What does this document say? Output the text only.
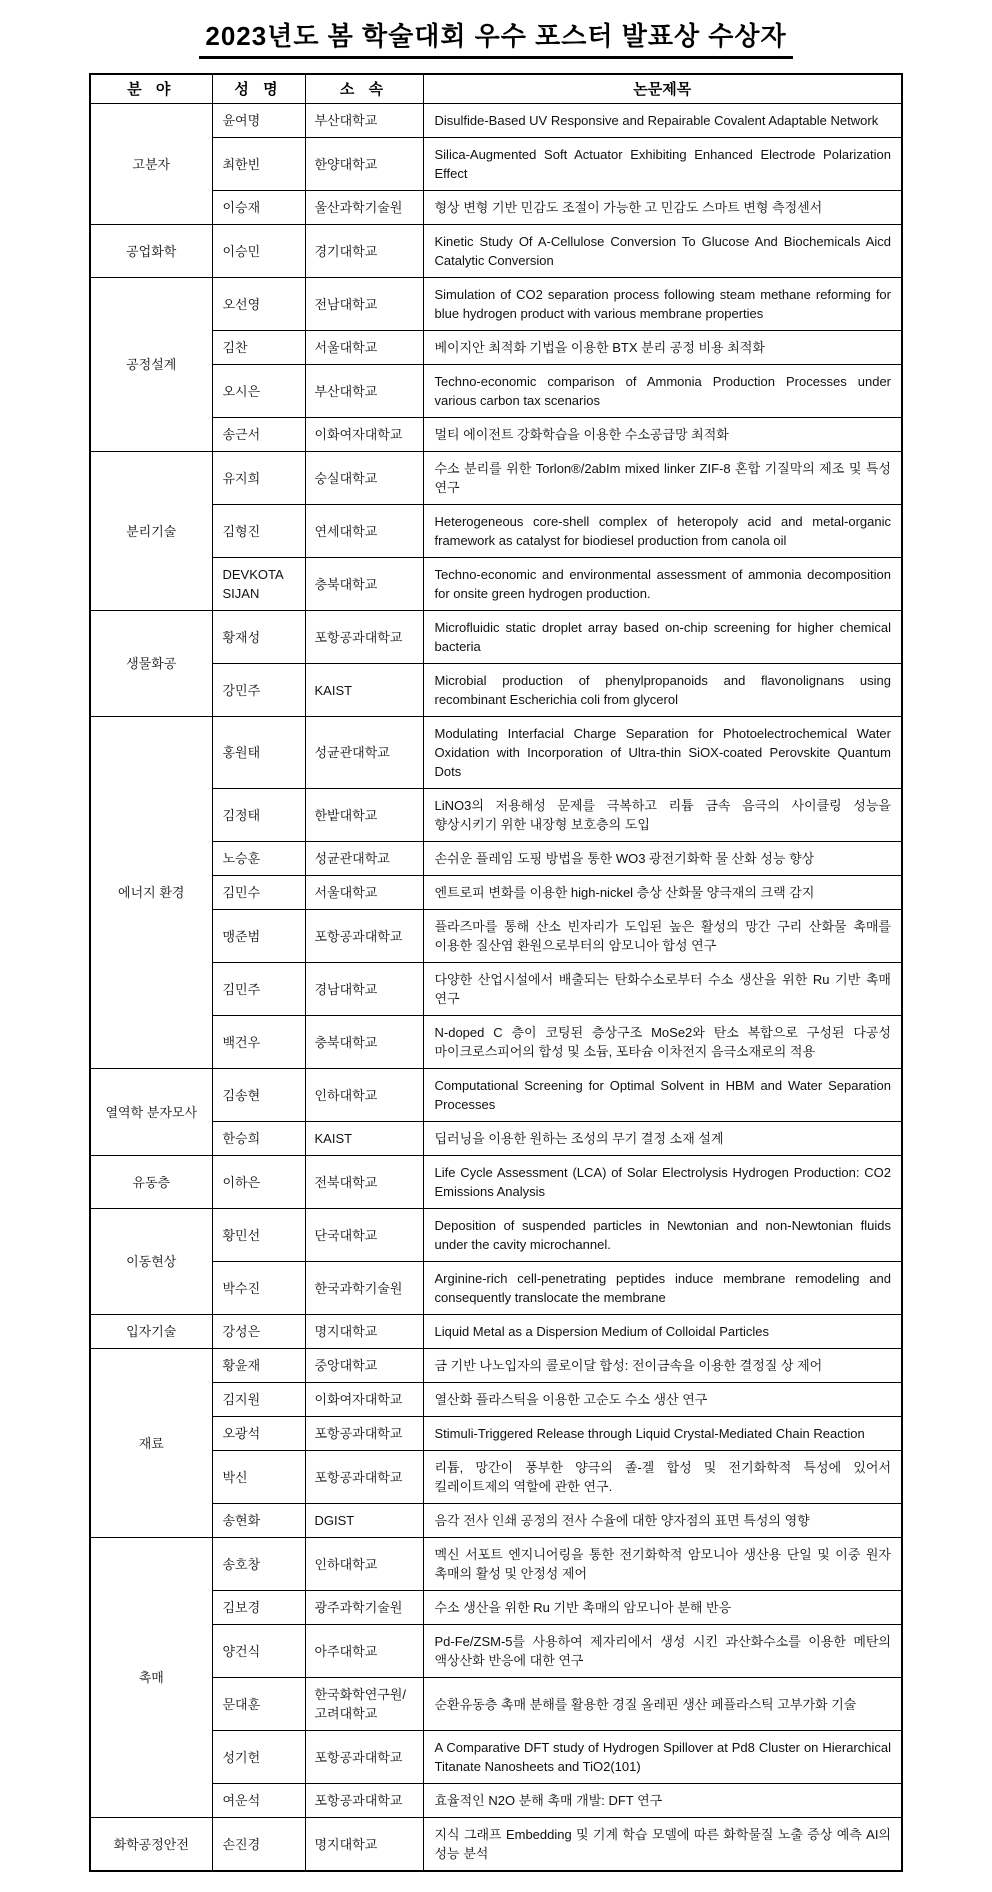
2023년도 봄 학술대회 우수 포스터 발표상 수상자
분 야	성 명	소 속	논문제목
고분자	윤여명	부산대학교	Disulfide-Based UV Responsive and Repairable Covalent Adaptable Network
	최한빈	한양대학교	Silica-Augmented Soft Actuator Exhibiting Enhanced Electrode Polarization Effect
	이승재	울산과학기술원	형상 변형 기반 민감도 조절이 가능한 고 민감도 스마트 변형 측정센서
공업화학	이승민	경기대학교	Kinetic Study Of A-Cellulose Conversion To Glucose And Biochemicals Aicd Catalytic Conversion
공정설계	오선영	전남대학교	Simulation of CO2 separation process following steam methane reforming for blue hydrogen product with various membrane properties
	김찬	서울대학교	베이지안 최적화 기법을 이용한 BTX 분리 공정 비용 최적화
	오시은	부산대학교	Techno-economic comparison of Ammonia Production Processes under various carbon tax scenarios
	송근서	이화여자대학교	멀티 에이전트 강화학습을 이용한 수소공급망 최적화
분리기술	유지희	숭실대학교	수소 분리를 위한 Torlon®/2abIm mixed linker ZIF-8 혼합 기질막의 제조 및 특성 연구
	김형진	연세대학교	Heterogeneous core-shell complex of heteropoly acid and metal-organic framework as catalyst for biodiesel production from canola oil
	DEVKOTA SIJAN	충북대학교	Techno-economic and environmental assessment of ammonia decomposition for onsite green hydrogen production.
생물화공	황재성	포항공과대학교	Microfluidic static droplet array based on-chip screening for higher chemical bacteria
	강민주	KAIST	Microbial production of phenylpropanoids and flavonolignans using recombinant Escherichia coli from glycerol
에너지 환경	홍원태	성균관대학교	Modulating Interfacial Charge Separation for Photoelectrochemical Water Oxidation with Incorporation of Ultra-thin SiOX-coated Perovskite Quantum Dots
	김정태	한밭대학교	LiNO3의 저용해성 문제를 극복하고 리튬 금속 음극의 사이클링 성능을 향상시키기 위한 내장형 보호층의 도입
	노승훈	성균관대학교	손쉬운 플레임 도핑 방법을 통한 WO3 광전기화학 물 산화 성능 향상
	김민수	서울대학교	엔트로피 변화를 이용한 high-nickel 층상 산화물 양극재의 크랙 감지
	맹준범	포항공과대학교	플라즈마를 통해 산소 빈자리가 도입된 높은 활성의 망간 구리 산화물 촉매를 이용한 질산염 환원으로부터의 암모니아 합성 연구
	김민주	경남대학교	다양한 산업시설에서 배출되는 탄화수소로부터 수소 생산을 위한 Ru 기반 촉매 연구
	백건우	충북대학교	N-doped C 층이 코팅된 층상구조 MoSe2와 탄소 복합으로 구성된 다공성 마이크로스피어의 합성 및 소듐, 포타슘 이차전지 음극소재로의 적용
열역학 분자모사	김송현	인하대학교	Computational Screening for Optimal Solvent in HBM and Water Separation Processes
	한승희	KAIST	딥러닝을 이용한 원하는 조성의 무기 결정 소재 설계
유동층	이하은	전북대학교	Life Cycle Assessment (LCA) of Solar Electrolysis Hydrogen Production: CO2 Emissions Analysis
이동현상	황민선	단국대학교	Deposition of suspended particles in Newtonian and non-Newtonian fluids under the cavity microchannel.
	박수진	한국과학기술원	Arginine-rich cell-penetrating peptides induce membrane remodeling and consequently translocate the membrane
입자기술	강성은	명지대학교	Liquid Metal as a Dispersion Medium of Colloidal Particles
재료	황윤재	중앙대학교	금 기반 나노입자의 콜로이달 합성: 전이금속을 이용한 결정질 상 제어
	김지원	이화여자대학교	열산화 플라스틱을 이용한 고순도 수소 생산 연구
	오광석	포항공과대학교	Stimuli-Triggered Release through Liquid Crystal-Mediated Chain Reaction
	박신	포항공과대학교	리튬, 망간이 풍부한 양극의 졸-겔 합성 및 전기화학적 특성에 있어서 킬레이트제의 역할에 관한 연구.
	송현화	DGIST	음각 전사 인쇄 공정의 전사 수율에 대한 양자점의 표면 특성의 영향
촉매	송호창	인하대학교	멕신 서포트 엔지니어링을 통한 전기화학적 암모니아 생산용 단일 및 이중 원자 촉매의 활성 및 안정성 제어
	김보경	광주과학기술원	수소 생산을 위한 Ru 기반 촉매의 암모니아 분해 반응
	양건식	아주대학교	Pd-Fe/ZSM-5를 사용하여 제자리에서 생성 시킨 과산화수소를 이용한 메탄의 액상산화 반응에 대한 연구
	문대훈	한국화학연구원/고려대학교	순환유동층 촉매 분해를 활용한 경질 올레핀 생산 페플라스틱 고부가화 기술
	성기헌	포항공과대학교	A Comparative DFT study of Hydrogen Spillover at Pd8 Cluster on Hierarchical Titanate Nanosheets and TiO2(101)
	여운석	포항공과대학교	효율적인 N2O 분해 촉매 개발: DFT 연구
화학공정안전	손진경	명지대학교	지식 그래프 Embedding 및 기계 학습 모델에 따른 화학물질 노출 증상 예측 AI의 성능 분석
